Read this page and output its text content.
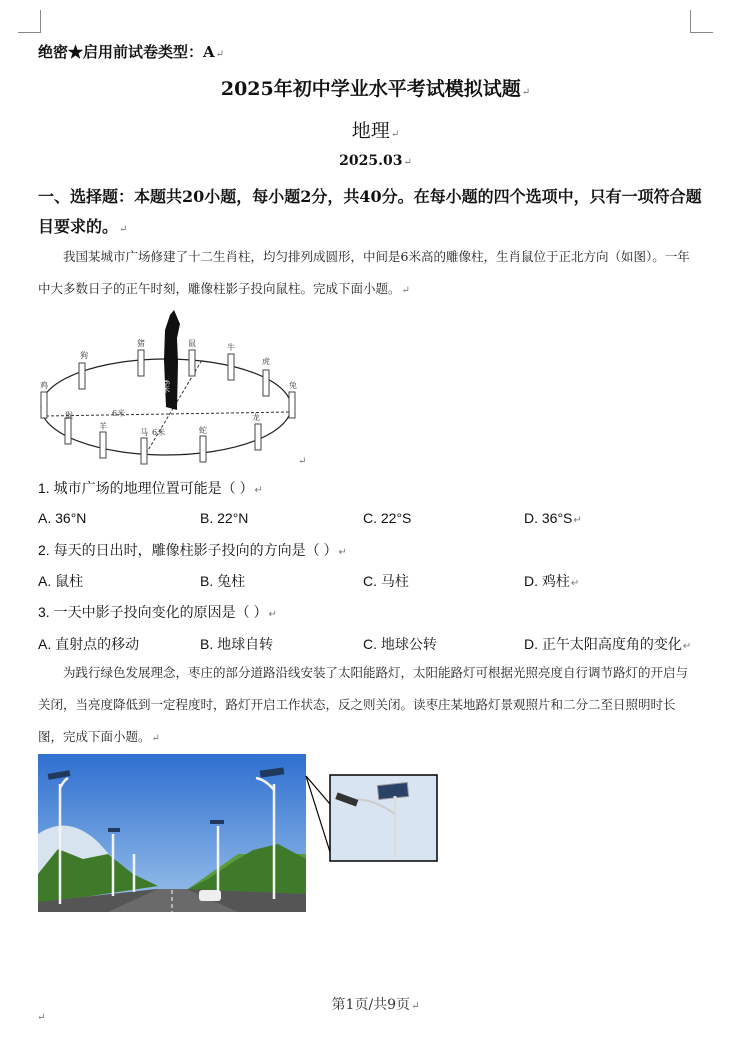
绝密★启用前试卷类型：A↵
2025年初中学业水平考试模拟试题↵
地理↵
2025.03↵
一、选择题：本题共20小题，每小题2分，共40分。在每小题的四个选项中，只有一项符合题目要求的。↵
我国某城市广场修建了十二生肖柱，均匀排列成圆形，中间是6米高的雕像柱，生肖鼠位于正北方向（如图）。一年中大多数日子的正午时刻，雕像柱影子投向鼠柱。完成下面小题。↵
狗
猪	鼠	牛
虎
兔
龙
蛇
马
羊
猴
鸡
6米
6米
6米
↵
1. 城市广场的地理位置可能是（ ）↵
A. 36°N	B. 22°N	C. 22°S	D. 36°S↵
2. 每天的日出时，雕像柱影子投向的方向是（ ）↵
A. 鼠柱	B. 兔柱	C. 马柱	D. 鸡柱↵
3. 一天中影子投向变化的原因是（ ）↵
A. 直射点的移动	B. 地球自转	C. 地球公转	D. 正午太阳高度角的变化↵
为践行绿色发展理念，枣庄的部分道路沿线安装了太阳能路灯，太阳能路灯可根据光照亮度自行调节路灯的开启与关闭，当亮度降低到一定程度时，路灯开启工作状态，反之则关闭。读枣庄某地路灯景观照片和二分二至日照明时长图，完成下面小题。↵
第1页/共9页↵
↵
